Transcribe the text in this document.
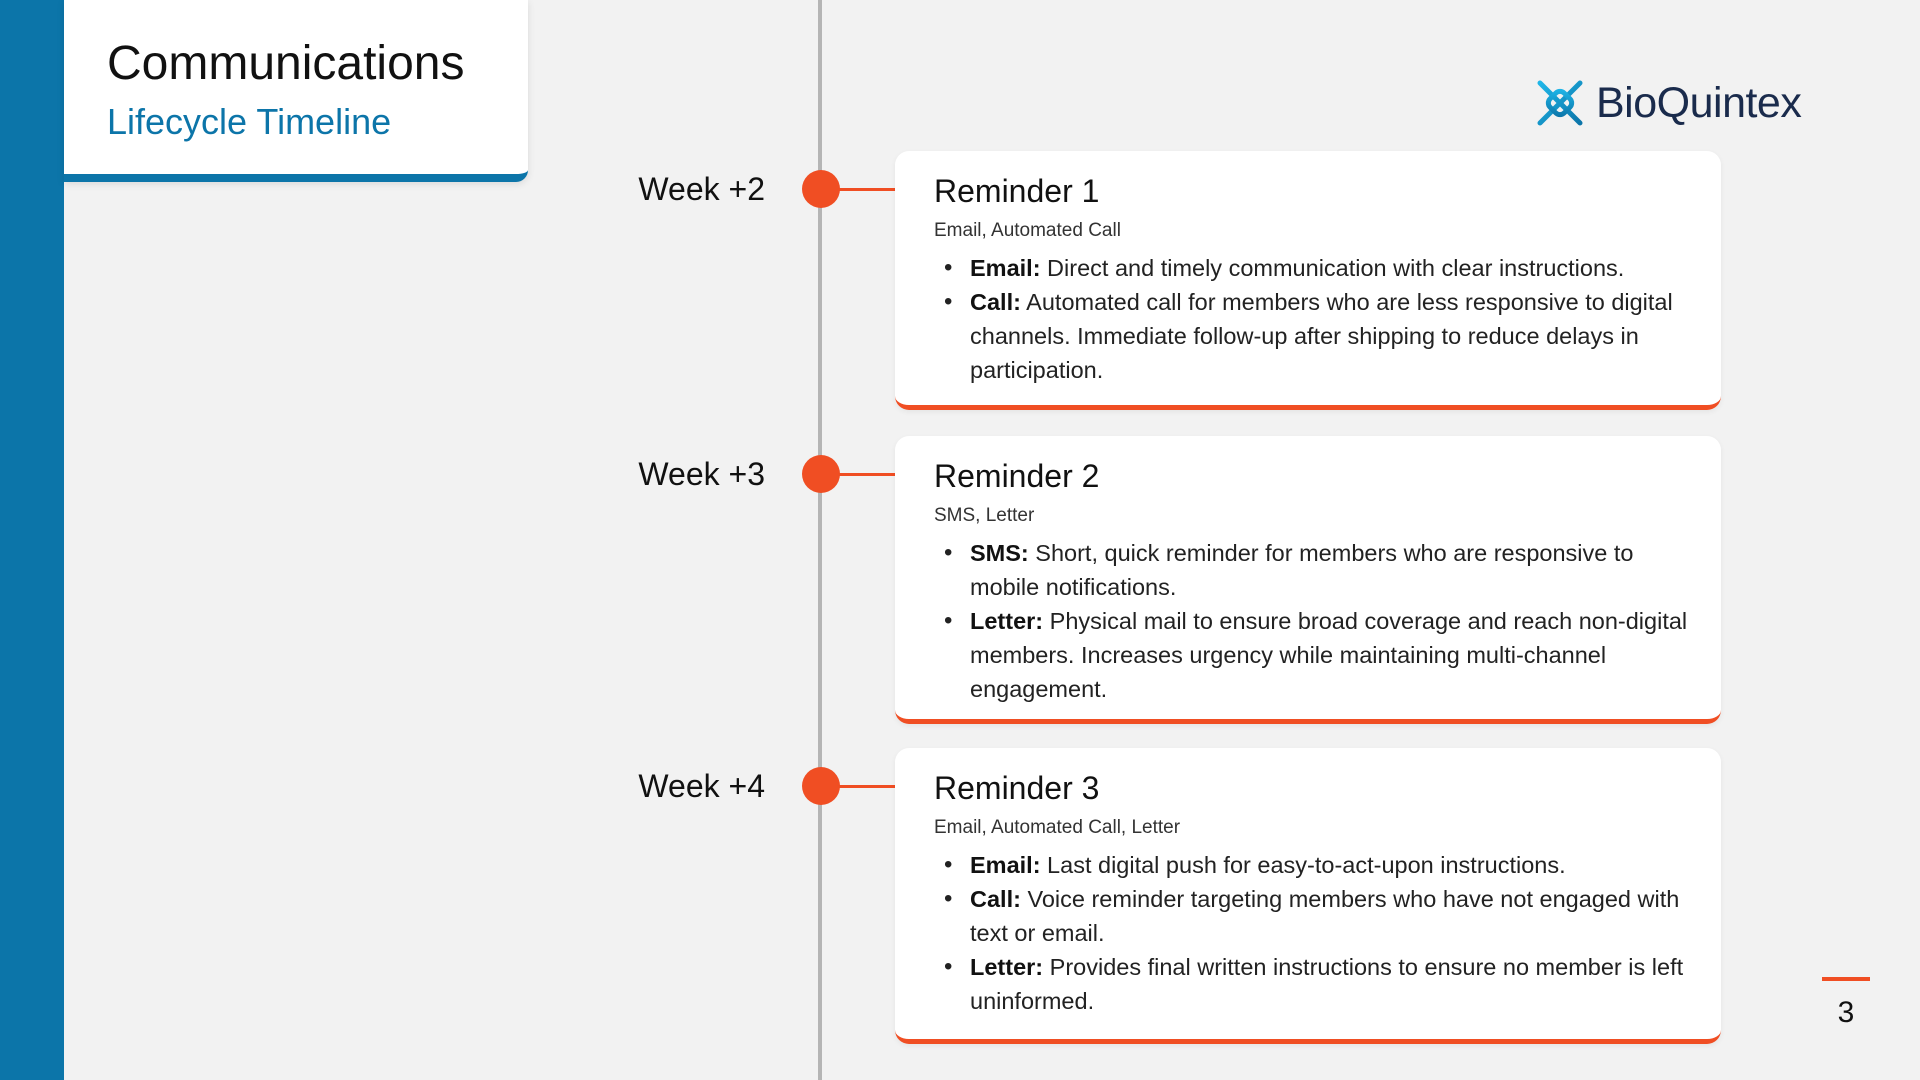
Communications
Lifecycle Timeline	BioQuintex
Week +2	Reminder 1
Email, Automated Call
• Email: Direct and timely communication with clear instructions.
• Call: Automated call for members who are less responsive to digital channels. Immediate follow-up after shipping to reduce delays in participation.
Week +3	Reminder 2
SMS, Letter
• SMS: Short, quick reminder for members who are responsive to mobile notifications.
• Letter: Physical mail to ensure broad coverage and reach non-digital members. Increases urgency while maintaining multi-channel engagement.
Week +4	Reminder 3
Email, Automated Call, Letter
• Email: Last digital push for easy-to-act-upon instructions.
• Call: Voice reminder targeting members who have not engaged with text or email.
• Letter: Provides final written instructions to ensure no member is left uninformed.	3
